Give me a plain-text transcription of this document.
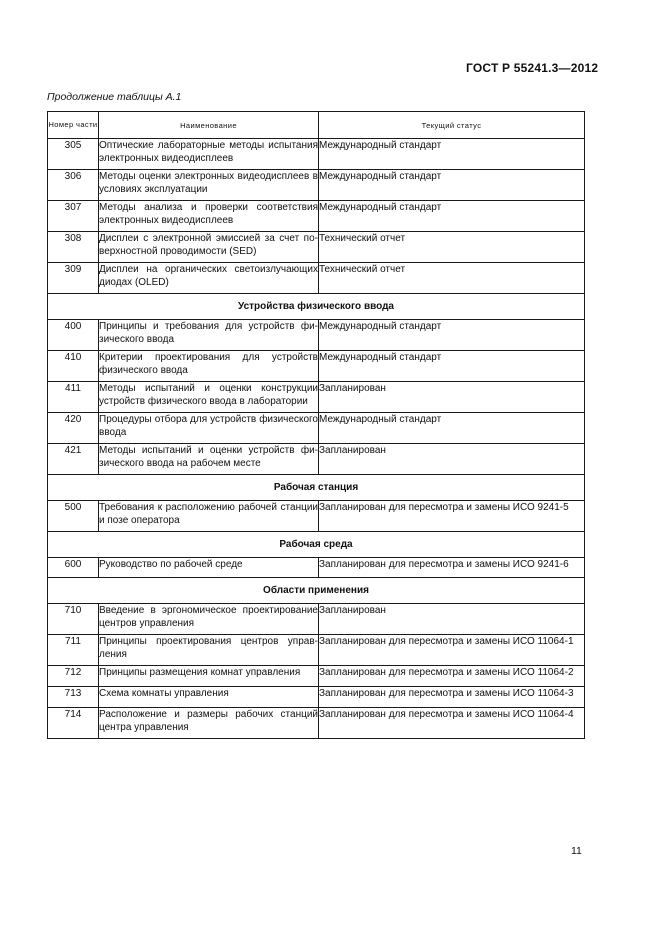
ГОСТ Р 55241.3—2012
Продолжение таблицы А.1
Номер части	Наименование	Текущий статус
305	Оптические лабораторные методы испытания электронных видеодисплеев	Международный стандарт
306	Методы оценки электронных видеодисплеев в условиях эксплуатации	Международный стандарт
307	Методы анализа и проверки соответствия электронных видеодисплеев	Международный стандарт
308	Дисплеи с электронной эмиссией за счет поверхностной проводимости (SED)	Технический отчет
309	Дисплеи на органических светоизлучающих диодах (OLED)	Технический отчет
Устройства физического ввода		
400	Принципы и требования для устройств физического ввода	Международный стандарт
410	Критерии проектирования для устройств физического ввода	Международный стандарт
411	Методы испытаний и оценки конструкции устройств физического ввода в лаборатории	Запланирован
420	Процедуры отбора для устройств физического ввода	Международный стандарт
421	Методы испытаний и оценки устройств физического ввода на рабочем месте	Запланирован
Рабочая станция		
500	Требования к расположению рабочей станции и позе оператора	Запланирован для пересмотра и замены ИСО 9241-5
Рабочая среда		
600	Руководство по рабочей среде	Запланирован для пересмотра и замены ИСО 9241-6
Области применения		
710	Введение в эргономическое проектирование центров управления	Запланирован
711	Принципы проектирования центров управления	Запланирован для пересмотра и замены ИСО 11064-1
712	Принципы размещения комнат управления	Запланирован для пересмотра и замены ИСО 11064-2
713	Схема комнаты управления	Запланирован для пересмотра и замены ИСО 11064-3
714	Расположение и размеры рабочих станций центра управления	Запланирован для пересмотра и замены ИСО 11064-4
11
